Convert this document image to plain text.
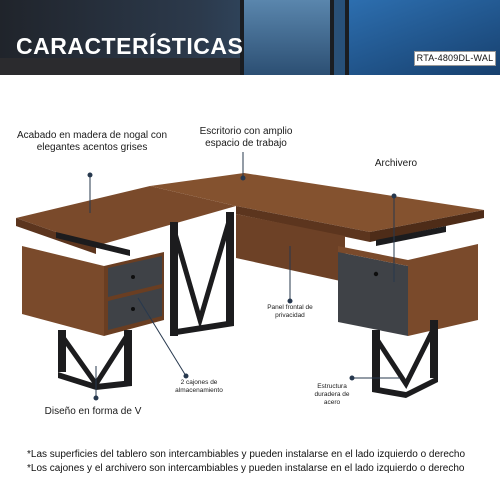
CARACTERÍSTICAS	RTA-4809DL-WAL
Acabado en madera de nogal con elegantes acentos grises
Escritorio con amplio espacio de trabajo
Archivero
Panel frontal de privacidad
2 cajones de almacenamiento
Estructura duradera de acero
Diseño en forma de V
*Las superficies del tablero son intercambiables y pueden instalarse en el lado izquierdo o derecho
*Los cajones y el archivero son intercambiables y pueden instalarse en el lado izquierdo o derecho
